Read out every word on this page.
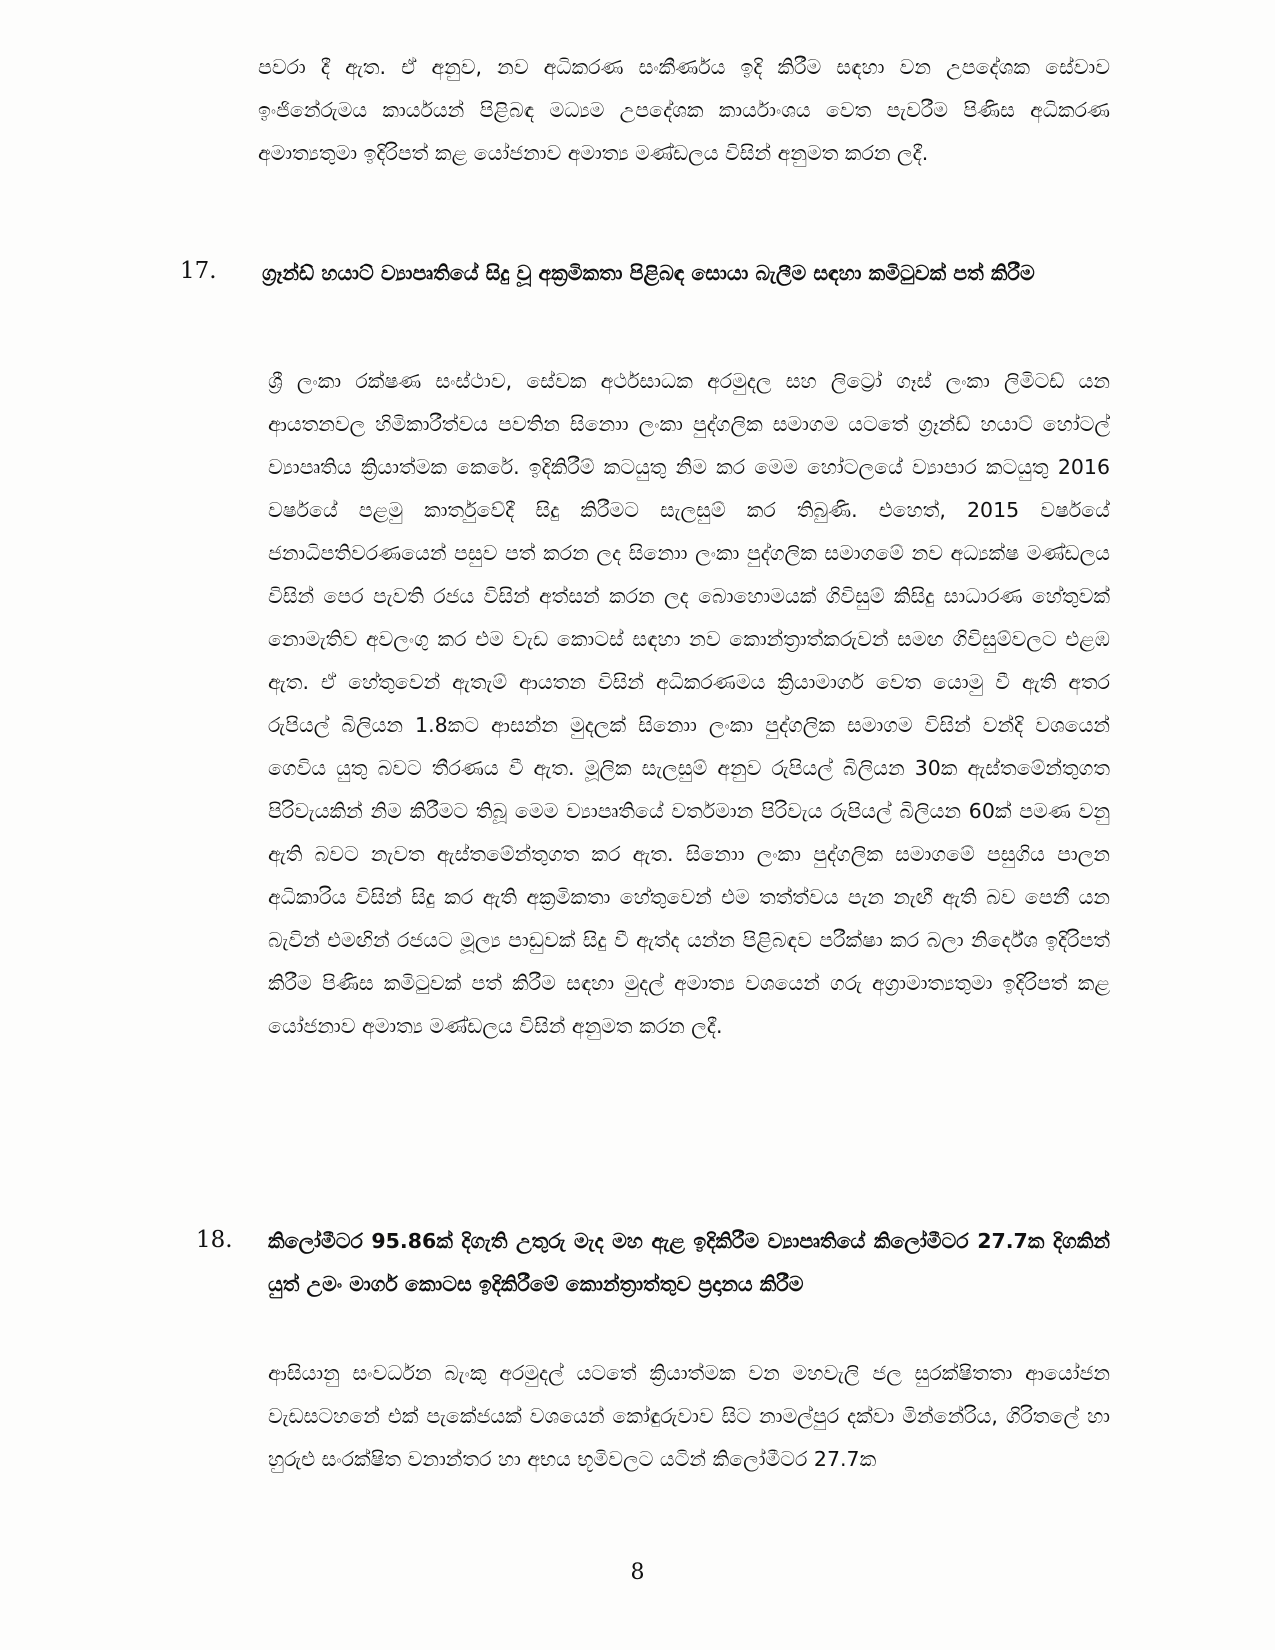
පවරා දී ඇත. ඒ අනුව, නව අධිකරණ සංකීර්ණය ඉදි කිරීම සඳහා වන උපදේශක සේවාව ඉංජිනේරුමය කාර්යයන් පිළිබඳ මධ්‍යම උපදේශක කාර්යාංශය වෙත පැවරීම පිණිස අධිකරණ අමාත්‍යතුමා ඉදිරිපත් කළ යෝජනාව අමාත්‍ය මණ්ඩලය විසින් අනුමත කරන ලදී.

17. ග්‍රෑන්ඩ් හයාට් ව්‍යාපෘතියේ සිදු වූ අක්‍රමිකතා පිළිබඳ සොයා බැලීම සඳහා කමිටුවක් පත් කිරීම

ශ්‍රී ලංකා රක්ෂණ සංස්ථාව, සේවක අර්ථසාධක අරමුදල සහ ලිට්‍රෝ ගෑස් ලංකා ලිමිටඩ් යන ආයතනවල හිමිකාරීත්වය පවතින සිනොා ලංකා පුද්ගලික සමාගම යටතේ ග්‍රෑන්ඩ් හයාට් හෝටල් ව්‍යාපෘතිය ක්‍රියාත්මක කෙරේ. ඉදිකිරීම් කටයුතු නිම කර මෙම හෝටලයේ ව්‍යාපාර කටයුතු 2016 වර්ෂයේ පළමු කාර්තුවේදී සිදු කිරීමට සැලසුම් කර තිබුණි. එහෙත්, 2015 වර්ෂයේ ජනාධිපතිවරණයෙන් පසුව පත් කරන ලද සිනොා ලංකා පුද්ගලික සමාගමේ නව අධ්‍යක්ෂ මණ්ඩලය විසින් පෙර පැවති රජය විසින් අත්සන් කරන ලද බොහොමයක් ගිවිසුම් කිසිදු සාධාරණ හේතුවක් නොමැතිව අවලංගු කර එම වැඩ කොටස් සඳහා නව කොන්ත්‍රාත්කරුවන් සමඟ ගිවිසුම්වලට එළඹ ඇත. ඒ හේතුවෙන් ඇතැම් ආයතන විසින් අධිකරණමය ක්‍රියාමාර්ග වෙත යොමු වී ඇති අතර රුපියල් බිලියන 1.8කට ආසන්න මුදලක් සිනොා ලංකා පුද්ගලික සමාගම විසින් වන්දි වශයෙන් ගෙවිය යුතු බවට තීරණය වී ඇත. මූලික සැලසුම් අනුව රුපියල් බිලියන 30ක ඇස්තමේන්තුගත පිරිවැයකින් නිම කිරීමට තිබූ මෙම ව්‍යාපෘතියේ වර්තමාන පිරිවැය රුපියල් බිලියන 60ක් පමණ වනු ඇති බවට නැවත ඇස්තමේන්තුගත කර ඇත. සිනොා ලංකා පුද්ගලික සමාගමේ පසුගිය පාලන අධිකාරිය විසින් සිදු කර ඇති අක්‍රමිකතා හේතුවෙන් එම තත්ත්වය පැන නැඟී ඇති බව පෙනී යන බැවින් එමඟින් රජයට මූල්‍ය පාඩුවක් සිදු වී ඇත්ද යන්න පිළිබඳව පරීක්ෂා කර බලා නිර්දේශ ඉදිරිපත් කිරීම පිණිස කමිටුවක් පත් කිරීම සඳහා මුදල් අමාත්‍ය වශයෙන් ගරු අග්‍රාමාත්‍යතුමා ඉදිරිපත් කළ යෝජනාව අමාත්‍ය මණ්ඩලය විසින් අනුමත කරන ලදී.

18. කිලෝමීටර 95.86ක් දිගැති උතුරු මැද මහ ඇළ ඉදිකිරීම ව්‍යාපෘතියේ කිලෝමීටර 27.7ක දිගකින් යුත් උමං මාර්ග කොටස ඉදිකිරීමේ කොන්ත්‍රාත්තුව ප්‍රදානය කිරීම

ආසියානු සංවර්ධන බැංකු අරමුදල් යටතේ ක්‍රියාත්මක වන මහවැලි ජල සුරක්ෂිතතා ආයෝජන වැඩසටහනේ එක් පැකේජයක් වශයෙන් කෝඳුරුවාව සිට නාමල්පුර දක්වා මින්නේරිය, ගිරිතලේ හා හුරුළු සංරක්ෂිත වනාන්තර හා අභය භූමිවලට යටින් කිලෝමීටර 27.7ක

8
